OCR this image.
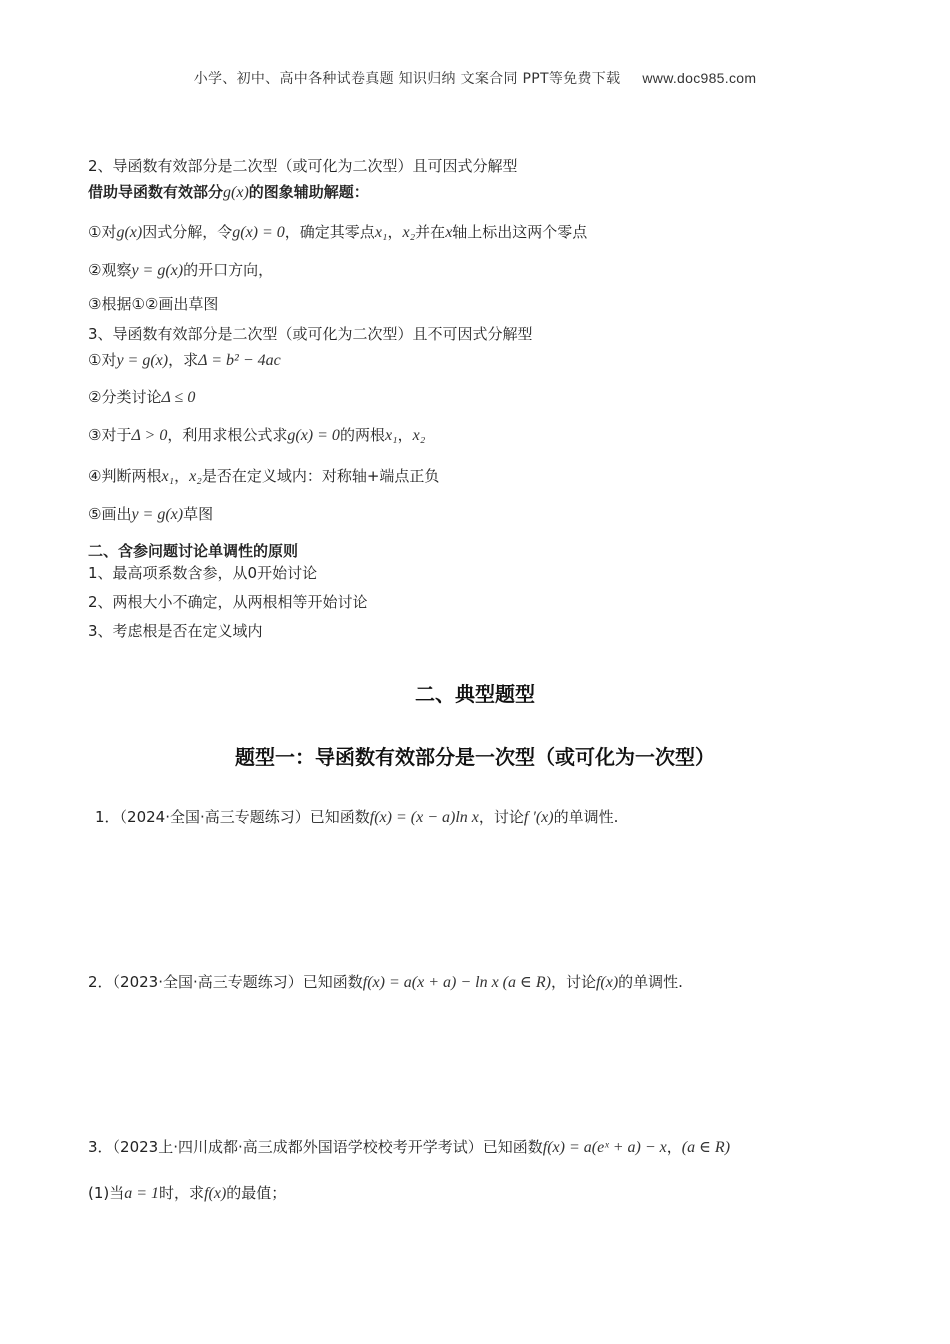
小学、初中、高中各种试卷真题 知识归纳 文案合同 PPT等免费下载 www.doc985.com
2、导函数有效部分是二次型（或可化为二次型）且可因式分解型
借助导函数有效部分g(x)的图象辅助解题：
①对g(x)因式分解，令g(x) = 0，确定其零点x₁，x₂并在x轴上标出这两个零点
②观察y = g(x)的开口方向，
③根据①②画出草图
3、导函数有效部分是二次型（或可化为二次型）且不可因式分解型
①对y = g(x)，求Δ = b² − 4ac
②分类讨论Δ ≤ 0
③对于Δ > 0，利用求根公式求g(x) = 0的两根x₁，x₂
④判断两根x₁，x₂是否在定义域内：对称轴+端点正负
⑤画出y = g(x)草图
二、含参问题讨论单调性的原则
1、最高项系数含参，从0开始讨论
2、两根大小不确定，从两根相等开始讨论
3、考虑根是否在定义域内
二、典型题型
题型一：导函数有效部分是一次型（或可化为一次型）
1．（2024·全国·高三专题练习）已知函数f(x) = (x − a)ln x，讨论f ′(x)的单调性.
2．（2023·全国·高三专题练习）已知函数f(x) = a(x + a) − ln x (a ∈ R)，讨论f(x)的单调性.
3．（2023上·四川成都·高三成都外国语学校校考开学考试）已知函数f(x) = a(eˣ + a) − x，(a ∈ R)
(1)当a = 1时，求f(x)的最值；
